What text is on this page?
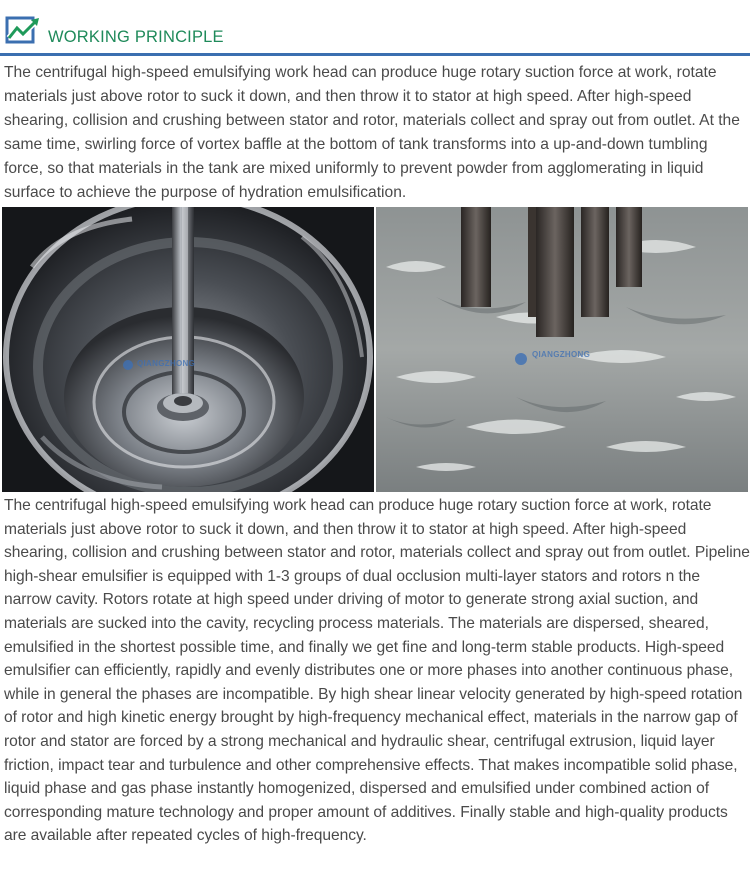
WORKING PRINCIPLE

The centrifugal high-speed emulsifying work head can produce huge rotary suction force at work, rotate materials just above rotor to suck it down, and then throw it to stator at high speed. After high-speed shearing, collision and crushing between stator and rotor, materials collect and spray out from outlet. At the same time, swirling force of vortex baffle at the bottom of tank transforms into a up-and-down tumbling force, so that materials in the tank are mixed uniformly to prevent powder from agglomerating in liquid surface to achieve the purpose of hydration emulsification.

QIANGZHONG
QIANGZHONG

The centrifugal high-speed emulsifying work head can produce huge rotary suction force at work, rotate materials just above rotor to suck it down, and then throw it to stator at high speed. After high-speed shearing, collision and crushing between stator and rotor, materials collect and spray out from outlet. Pipeline high-shear emulsifier is equipped with 1-3 groups of dual occlusion multi-layer stators and rotors n the narrow cavity. Rotors rotate at high speed under driving of motor to generate strong axial suction, and materials are sucked into the cavity, recycling process materials. The materials are dispersed, sheared, emulsified in the shortest possible time, and finally we get fine and long-term stable products. High-speed emulsifier can efficiently, rapidly and evenly distributes one or more phases into another continuous phase, while in general the phases are incompatible. By high shear linear velocity generated by high-speed rotation of rotor and high kinetic energy brought by high-frequency mechanical effect, materials in the narrow gap of rotor and stator are forced by a strong mechanical and hydraulic shear, centrifugal extrusion, liquid layer friction, impact tear and turbulence and other comprehensive effects. That makes incompatible solid phase, liquid phase and gas phase instantly homogenized, dispersed and emulsified under combined action of corresponding mature technology and proper amount of additives. Finally stable and high-quality products are available after repeated cycles of high-frequency.
